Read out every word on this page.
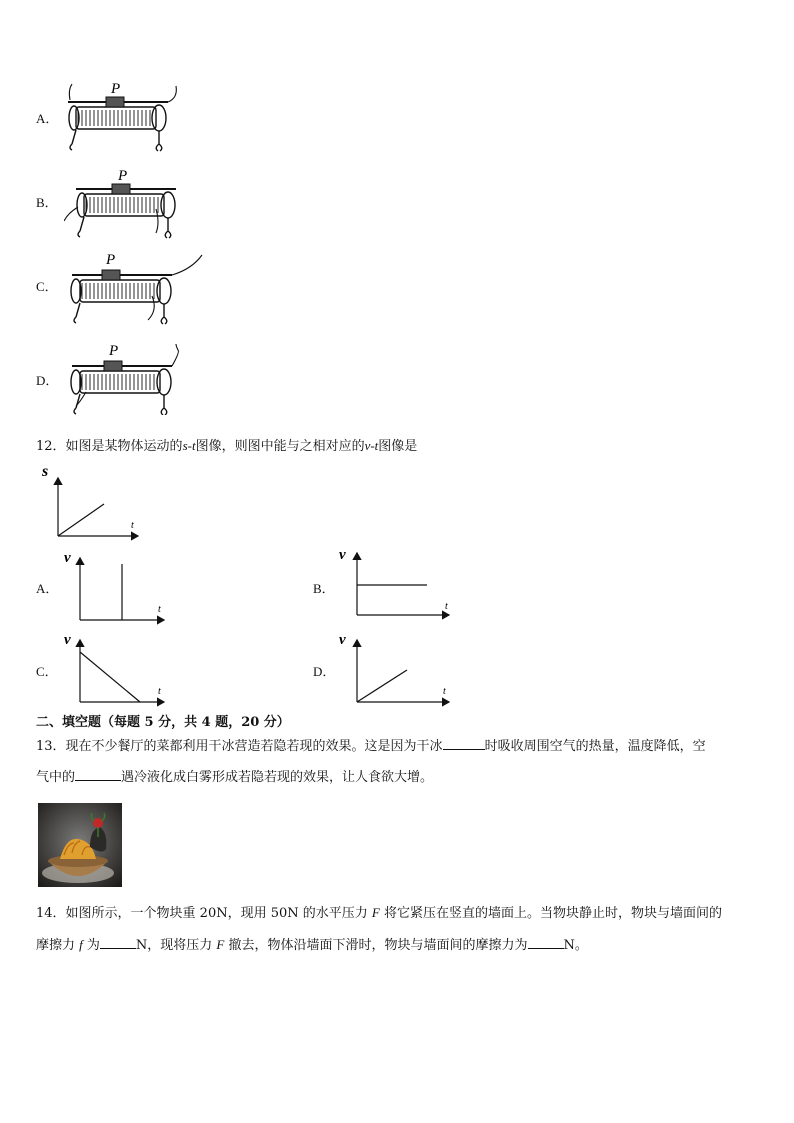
A．
P
B．
P
C．
P
D．
P
12．如图是某物体运动的s-t图像，则图中能与之相对应的v-t图像是
s
t
A．
v
t
B．
v
t
C．
v
t
D．
v
t
二、填空题（每题 5 分，共 4 题，20 分）
13．现在不少餐厅的菜都利用干冰营造若隐若现的效果。这是因为干冰	时吸收周围空气的热量，温度降低，空
气中的	遇冷液化成白雾形成若隐若现的效果，让人食欲大增。
14．如图所示，一个物块重 20N，现用 50N 的水平压力 F 将它紧压在竖直的墙面上。当物块静止时，物块与墙面间的
摩擦力 f 为	N，现将压力 F 撤去，物体沿墙面下滑时，物块与墙面间的摩擦力为	N。
